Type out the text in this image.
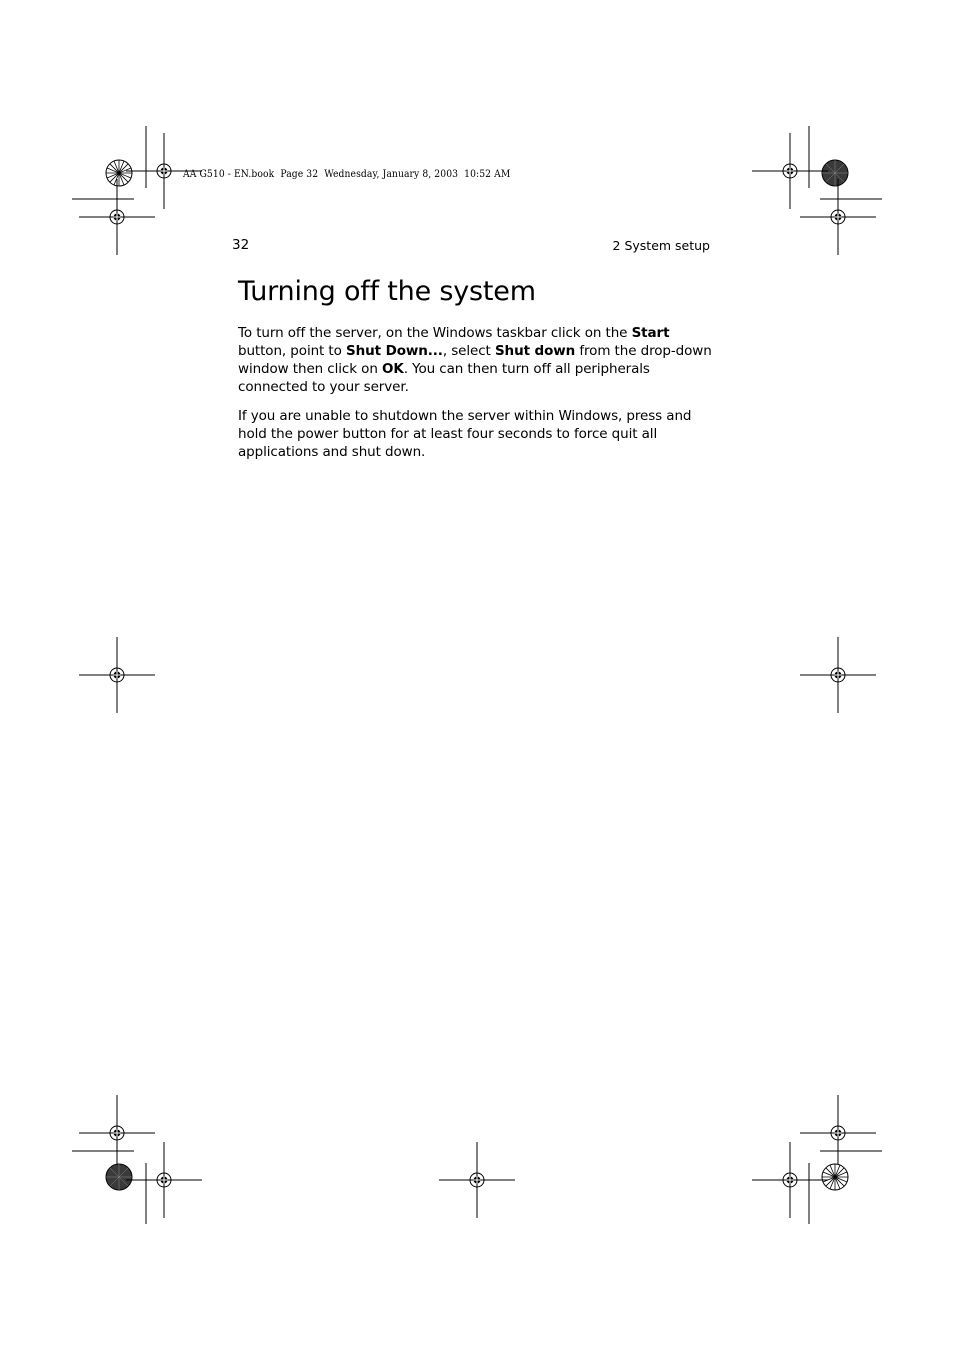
AA G510 - EN.book  Page 32  Wednesday, January 8, 2003  10:52 AM
32	2 System setup
Turning off the system

To turn off the server, on the Windows taskbar click on the Start button, point to Shut Down..., select Shut down from the drop-down window then click on OK. You can then turn off all peripherals connected to your server.

If you are unable to shutdown the server within Windows, press and hold the power button for at least four seconds to force quit all applications and shut down.
